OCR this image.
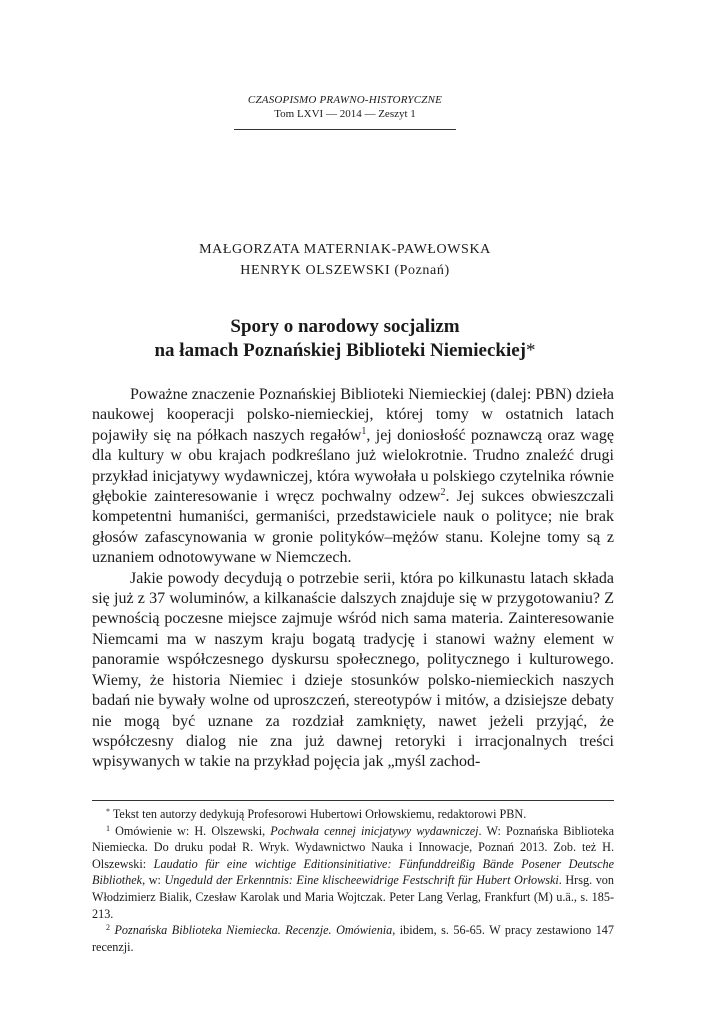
CZASOPISMO PRAWNO-HISTORYCZNE
Tom LXVI — 2014 — Zeszyt 1
MAŁGORZATA MATERNIAK-PAWŁOWSKA
HENRYK OLSZEWSKI (Poznań)
Spory o narodowy socjalizm
na łamach Poznańskiej Biblioteki Niemieckiej*

Poważne znaczenie Poznańskiej Biblioteki Niemieckiej (dalej: PBN) dzieła naukowej kooperacji polsko-niemieckiej, której tomy w ostatnich latach pojawiły się na półkach naszych regałów$^1$, jej doniosłość poznawczą oraz wagę dla kultury w obu krajach podkreślano już wielokrotnie. Trudno znaleźć drugi przykład inicjatywy wydawniczej, która wywołała u polskiego czytelnika równie głębokie zainteresowanie i wręcz pochwalny odzew$^2$. Jej sukces obwieszczali kompetentni humaniści, germaniści, przedstawiciele nauk o polityce; nie brak głosów zafascynowania w gronie polityków–mężów stanu. Kolejne tomy są z uznaniem odnotowywane w Niemczech.

Jakie powody decydują o potrzebie serii, która po kilkunastu latach składa się już z 37 woluminów, a kilkanaście dalszych znajduje się w przygotowaniu? Z pewnością poczesne miejsce zajmuje wśród nich sama materia. Zainteresowanie Niemcami ma w naszym kraju bogatą tradycję i stanowi ważny element w panoramie współczesnego dyskursu społecznego, politycznego i kulturowego. Wiemy, że historia Niemiec i dzieje stosunków polsko-niemieckich naszych badań nie bywały wolne od uproszczeń, stereotypów i mitów, a dzisiejsze debaty nie mogą być uznane za rozdział zamknięty, nawet jeżeli przyjąć, że współczesny dialog nie zna już dawnej retoryki i irracjonalnych treści wpisywanych w takie na przykład pojęcia jak „myśl zachod-

* Tekst ten autorzy dedykują Profesorowi Hubertowi Orłowskiemu, redaktorowi PBN.

$^1$ Omówienie w: H. Olszewski, Pochwała cennej inicjatywy wydawniczej. W: Poznańska Biblioteka Niemiecka. Do druku podał R. Wryk. Wydawnictwo Nauka i Innowacje, Poznań 2013. Zob. też H. Olszewski: Laudatio für eine wichtige Editionsinitiative: Fünfunddreißig Bände Posener Deutsche Bibliothek, w: Ungeduld der Erkenntnis: Eine klischeewidrige Festschrift für Hubert Orłowski. Hrsg. von Włodzimierz Bialik, Czesław Karolak und Maria Wojtczak. Peter Lang Verlag, Frankfurt (M) u.ä., s. 185-213.

$^2$ Poznańska Biblioteka Niemiecka. Recenzje. Omówienia, ibidem, s. 56-65. W pracy zestawiono 147 recenzji.
